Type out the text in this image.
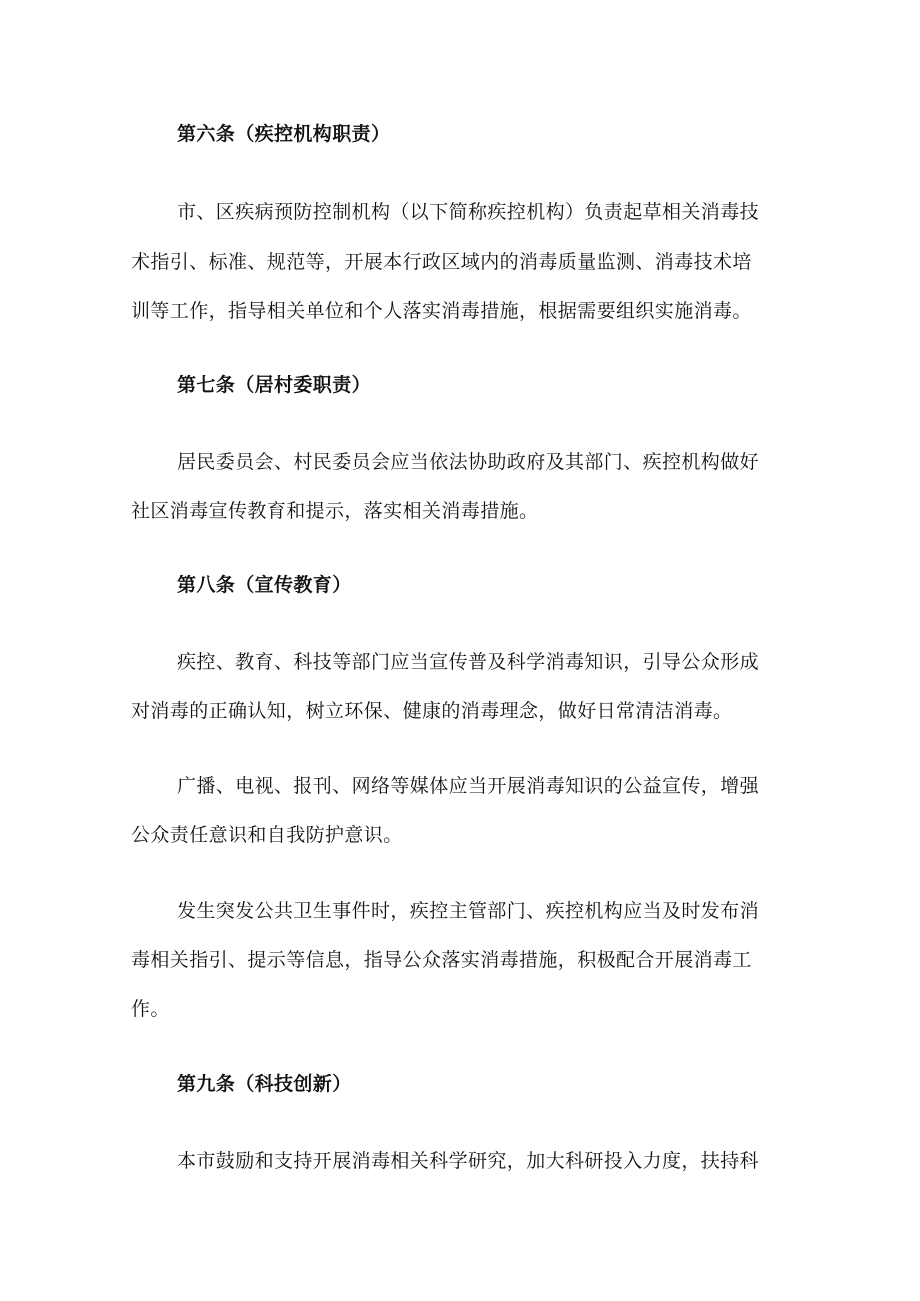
第六条（疾控机构职责）
市、区疾病预防控制机构（以下简称疾控机构）负责起草相关消毒技
术指引、标准、规范等，开展本行政区域内的消毒质量监测、消毒技术培
训等工作，指导相关单位和个人落实消毒措施，根据需要组织实施消毒。
第七条（居村委职责）
居民委员会、村民委员会应当依法协助政府及其部门、疾控机构做好
社区消毒宣传教育和提示，落实相关消毒措施。
第八条（宣传教育）
疾控、教育、科技等部门应当宣传普及科学消毒知识，引导公众形成
对消毒的正确认知，树立环保、健康的消毒理念，做好日常清洁消毒。
广播、电视、报刊、网络等媒体应当开展消毒知识的公益宣传，增强
公众责任意识和自我防护意识。
发生突发公共卫生事件时，疾控主管部门、疾控机构应当及时发布消
毒相关指引、提示等信息，指导公众落实消毒措施，积极配合开展消毒工
作。
第九条（科技创新）
本市鼓励和支持开展消毒相关科学研究，加大科研投入力度，扶持科
